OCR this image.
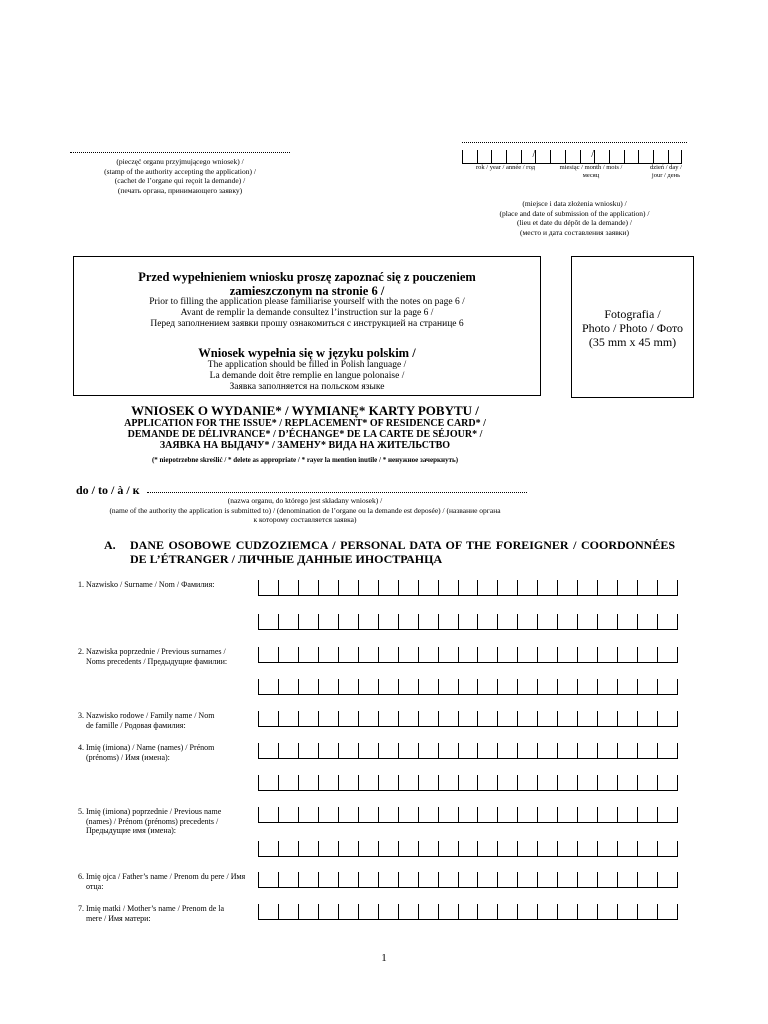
(pieczęć organu przyjmującego wniosek) /
(stamp of the authority accepting the application) /
(cachet de l’organe qui reçoit la demande) /
(печать органа, принимающего заявку)
/	/
rok / year / année / год	miesiąc / month / mois / месяц
dzień / day / jour / день
(miejsce i data złożenia wniosku) /
(place and date of submission of the application) /
(lieu et date du dépôt de la demande) /
(место и дата составления заявки)
Przed wypełnieniem wniosku proszę zapoznać się z pouczeniem zamieszczonym na stronie 6 /
Prior to filling the application please familiarise yourself with the notes on page 6 /
Avant de remplir la demande consultez l’instruction sur la page 6 /
Перед заполнением заявки прошу ознакомиться с инструкцией на странице 6
Wniosek wypełnia się w języku polskim /
The application should be filled in Polish language /
La demande doit être remplie en langue polonaise /
Заявка заполняется на польском языке
Fotografia /
Photo / Photo / Фото
(35 mm x 45 mm)
WNIOSEK O WYDANIE* / WYMIANĘ* KARTY POBYTU /
APPLICATION FOR THE ISSUE* / REPLACEMENT* OF RESIDENCE CARD* /
DEMANDE DE DÉLIVRANCE* / D’ÉCHANGE* DE LA CARTE DE SÉJOUR* /
ЗАЯВКА НА ВЫДАЧУ* / ЗАМЕНУ* ВИДА НА ЖИТЕЛЬСТВО
(* niepotrzebne skreślić / * delete as appropriate / * rayer la mention inutile / * ненужное зачеркнуть)
do / to / à / к
(nazwa organu, do którego jest składany wniosek) /
(name of the authority the application is submitted to) / (denomination de l’organe ou la demande est deposée) / (название органа
к которому составляется заявка)
A. DANE OSOBOWE CUDZOZIEMCA / PERSONAL DATA OF THE FOREIGNER / COORDONNÉES DE L’ÉTRANGER / ЛИЧНЫЕ ДАННЫЕ ИНОСТРАНЦА
1. Nazwisko / Surname / Nom / Фамилия:
2. Nazwiska poprzednie / Previous surnames /
Noms precedents / Предыдущие фамилии:
3. Nazwisko rodowe / Family name / Nom
de famille / Родовая фамилия:
4. Imię (imiona) / Name (names) / Prénom
(prénoms) / Имя (имена):
5. Imię (imiona) poprzednie / Previous name
(names) / Prénom (prénoms) precedents /
Предыдущие имя (имена):
6. Imię ojca / Father’s name / Prenom du pere / Имя
отца:
7. Imię matki / Mother’s name / Prenom de la
mere / Имя матери:
1
